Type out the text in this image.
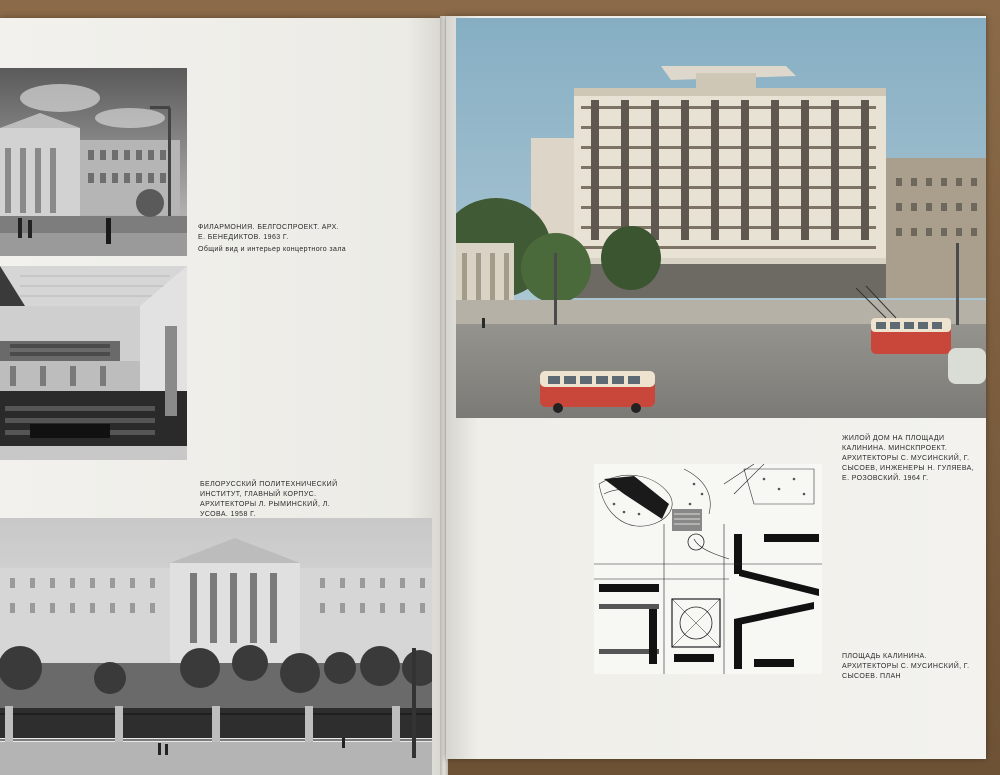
ФИЛАРМОНИЯ. БЕЛГОСПРОЕКТ. АРХ. Е. БЕНЕДИКТОВ. 1963 Г.
Общий вид и интерьер концертного зала
БЕЛОРУССКИЙ ПОЛИТЕХНИЧЕСКИЙ ИНСТИТУТ, ГЛАВНЫЙ КОРПУС. АРХИТЕКТОРЫ Л. РЫМИНСКИЙ, Л. УСОВА. 1958 Г.
ЖИЛОЙ ДОМ НА ПЛОЩАДИ КАЛИНИНА. МИНСКПРОЕКТ. АРХИТЕКТОРЫ С. МУСИНСКИЙ, Г. СЫСОЕВ, ИНЖЕНЕРЫ Н. ГУЛЯЕВА, Е. РОЗОВСКИЙ. 1964 Г.
ПЛОЩАДЬ КАЛИНИНА. АРХИТЕКТОРЫ С. МУСИНСКИЙ, Г. СЫСОЕВ. ПЛАН
